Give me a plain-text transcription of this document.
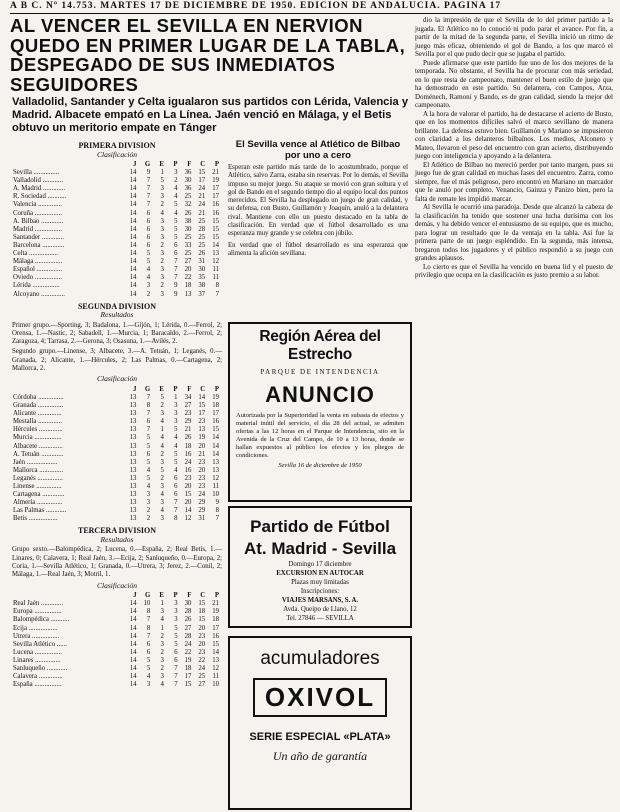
A B C. Nº 14.753. MARTES 17 DE DICIEMBRE DE 1950. EDICION DE ANDALUCIA. PAGINA 17
AL VENCER EL SEVILLA EN NERVION QUEDO EN PRIMER LUGAR DE LA TABLA, DESPEGADO DE SUS INMEDIATOS SEGUIDORES
Valladolid, Santander y Celta igualaron sus partidos con Lérida, Valencia y Madrid. Albacete empató en La Línea. Jaén venció en Málaga, y el Betis obtuvo un meritorio empate en Tánger
PRIMERA DIVISION
Clasificación
	J	G	E	P	F	C	P
Sevilla ...............	14	9	1	3	36	15	21
Valladolid ............	14	7	5	2	30	17	19
A. Madrid .............	14	7	3	4	36	24	17
R. Sociedad ...........	14	7	3	4	25	21	17
Valencia ..............	14	7	2	5	32	24	16
Coruña ................	14	6	4	4	26	21	16
A. Bilbao .............	14	6	3	5	38	25	15
Madrid ................	14	6	3	5	30	28	15
Santander .............	14	6	3	5	25	25	15
Barcelona .............	14	6	2	6	33	25	14
Celta .................	14	5	3	6	25	26	13
Málaga ................	14	5	2	7	27	31	12
Español ...............	14	4	3	7	20	30	11
Oviedo ................	14	4	3	7	22	35	11
Lérida ................	14	3	2	9	18	38	8
Alcoyano ..............	14	2	3	9	13	37	7
SEGUNDA DIVISION
Resultados
Primer grupo.—Sporting, 3; Badalona, 1.—Gijón, 1; Lérida, 0.—Ferrol, 2; Orensa, 1.—Nastic, 2; Sabadell, 1.—Murcia, 1; Baracaldo, 2.—Ferrol, 2; Zaragoza, 4; Tarrasa, 2.—Gerona, 3; Osasuna, 1.—Avilés, 2.
Segundo grupo.—Linense, 3; Albacete, 3.—A. Tetuán, 1; Leganés, 0.—Granada, 2; Alicante, 1.—Hércules, 2; Las Palmas, 0.—Cartagena, 2; Mallorca, 2.
Clasificación
	J	G	E	P	F	C	P
Córdoba ...............	13	7	5	1	34	14	19
Granada ...............	13	8	2	3	27	15	18
Alicante ..............	13	7	3	3	23	17	17
Mestalla ..............	13	6	4	3	29	23	16
Hércules ..............	13	7	1	5	21	13	15
Murcia ................	13	5	4	4	26	19	14
Albacete ..............	13	5	4	4	18	20	14
A. Tetuán .............	13	6	2	5	16	21	14
Jaén ..................	13	5	3	5	24	23	13
Mallorca ..............	13	4	5	4	16	20	13
Leganés ...............	13	5	2	6	23	23	12
Linense ...............	13	4	3	6	20	23	11
Cartagena .............	13	3	4	6	15	24	10
Almería ...............	13	3	3	7	20	29	9
Las Palmas ............	13	2	4	7	14	29	8
Betis .................	13	2	3	8	12	31	7
TERCERA DIVISION
Resultados
Grupo sexto.—Balompédica, 2; Lucena, 0.—España, 2; Real Betis, 1.—Linares, 0; Calavera, 1; Real Jaén, 3.—Ecija, 2; Sanluqueño, 0.—Europa, 2; Coria, 1.—Sevilla Atlético, 1; Granada, 0.—Utrera, 3; Jerez, 2.—Conil, 2; Málaga, 1.—Real Jaén, 3; Motril, 1.
Clasificación
	J	G	E	P	F	C	P
Real Jaén .............	14	10	1	3	30	15	21
Europa ................	14	8	3	3	28	18	19
Balompédica ...........	14	7	4	3	26	15	18
Ecija .................	14	8	1	5	27	20	17
Utrera ................	14	7	2	5	28	23	16
Sevilla Atlético ......	14	6	3	5	24	20	15
Lucena ................	14	6	2	6	22	23	14
Linares ...............	14	5	3	6	19	22	13
Sanluqueño ............	14	5	2	7	18	24	12
Calavera ..............	14	4	3	7	17	25	11
España ................	14	3	4	7	15	27	10
El Sevilla vence al Atlético de Bilbao por uno a cero
Esperan este partido más tarde de lo acostumbrado, porque el Atlético, salvo Zarra, estaba sin reservas. Por lo demás, el Sevilla impuso su mejor juego. Su ataque se movió con gran soltura y el gol de Bando en el segundo tiempo dio al equipo local dos puntos merecidos. El Sevilla ha desplegado un juego de gran calidad, y su defensa, con Busto, Guillamón y Joaquín, anuló a la delantera rival. Mantiene con ello un puesto destacado en la tabla de clasificación. En verdad que el fútbol desarrollado es una esperanza muy grande y se celebra con júbilo.
En verdad que el fútbol desarrollado es una esperanza que alimenta la afición sevillana.
Región Aérea del Estrecho
PARQUE DE INTENDENCIA
ANUNCIO
Autorizada por la Superioridad la venta en subasta de efectos y material inútil del servicio, el día 28 del actual, se admiten ofertas a las 12 horas en el Parque de Intendencia, sito en la Avenida de la Cruz del Campo, de 10 a 13 horas, donde se hallan expuestos al público los efectos y los pliegos de condiciones.
Sevilla 16 de diciembre de 1950
Partido de Fútbol
At. Madrid - Sevilla
Domingo 17 diciembre
EXCURSION EN AUTOCAR
Plazas muy limitadas
Inscripciones:
VIAJES MARSANS, S. A.
Avda. Queipo de Llano, 12
Tel. 27846 — SEVILLA
acumuladores
OXIVOL
SERIE ESPECIAL «PLATA»
Un año de garantía

dio la impresión de que el Sevilla de lo del primer partido a la jugada. El Atlético no lo conoció ni pudo parar el avance. Por fin, a partir de la mitad de la segunda parte, el Sevilla inició un ritmo de juego más eficaz, obteniendo el gol de Bando, a los que marcó el Sevilla por el que pudo decir que se jugaba el partido.

Puede afirmarse que este partido fue uno de los dos mejores de la temporada. No obstante, el Sevilla ha de procurar con más seriedad, en lo que resta de campeonato, mantener el buen estilo de juego que ha demostrado en este partido. Su delantera, con Campos, Arza, Doménech, Ramoní y Bando, es de gran calidad, siendo la mejor del campeonato.

A la hora de valorar el partido, ha de destacarse el acierto de Busto, que en los momentos difíciles salvó el marco sevillano de manera brillante. La defensa estuvo bien. Guillamón y Mariano se impusieron con claridad a los delanteros bilbaínos. Los medios, Alconero y Mateo, llevaron el peso del encuentro con gran acierto, distribuyendo juego con inteligencia y apoyando a la delantera.

El Atlético de Bilbao no mereció perder por tanto margen, pues su juego fue de gran calidad en muchas fases del encuentro. Zarra, como siempre, fue el más peligroso, pero encontró en Mariano un marcador que le anuló por completo. Venancio, Gainza y Panizo bien, pero la falta de remate les impidió marcar.

Al Sevilla le ocurrió una paradoja. Desde que alcanzó la cabeza de la clasificación ha tenido que sostener una lucha durísima con los demás, y ha debido vencer el entusiasmo de su equipo, que es mucho, para lograr un resultado que le da ventaja en la tabla. Así fue la primera parte de un juego espléndido. En la segunda, más intensa, bregaron todos los jugadores y el público respondió a su juego con grandes aplausos.

Lo cierto es que el Sevilla ha vencido en buena lid y el puesto de privilegio que ocupa en la clasificación es justo premio a su labor.
